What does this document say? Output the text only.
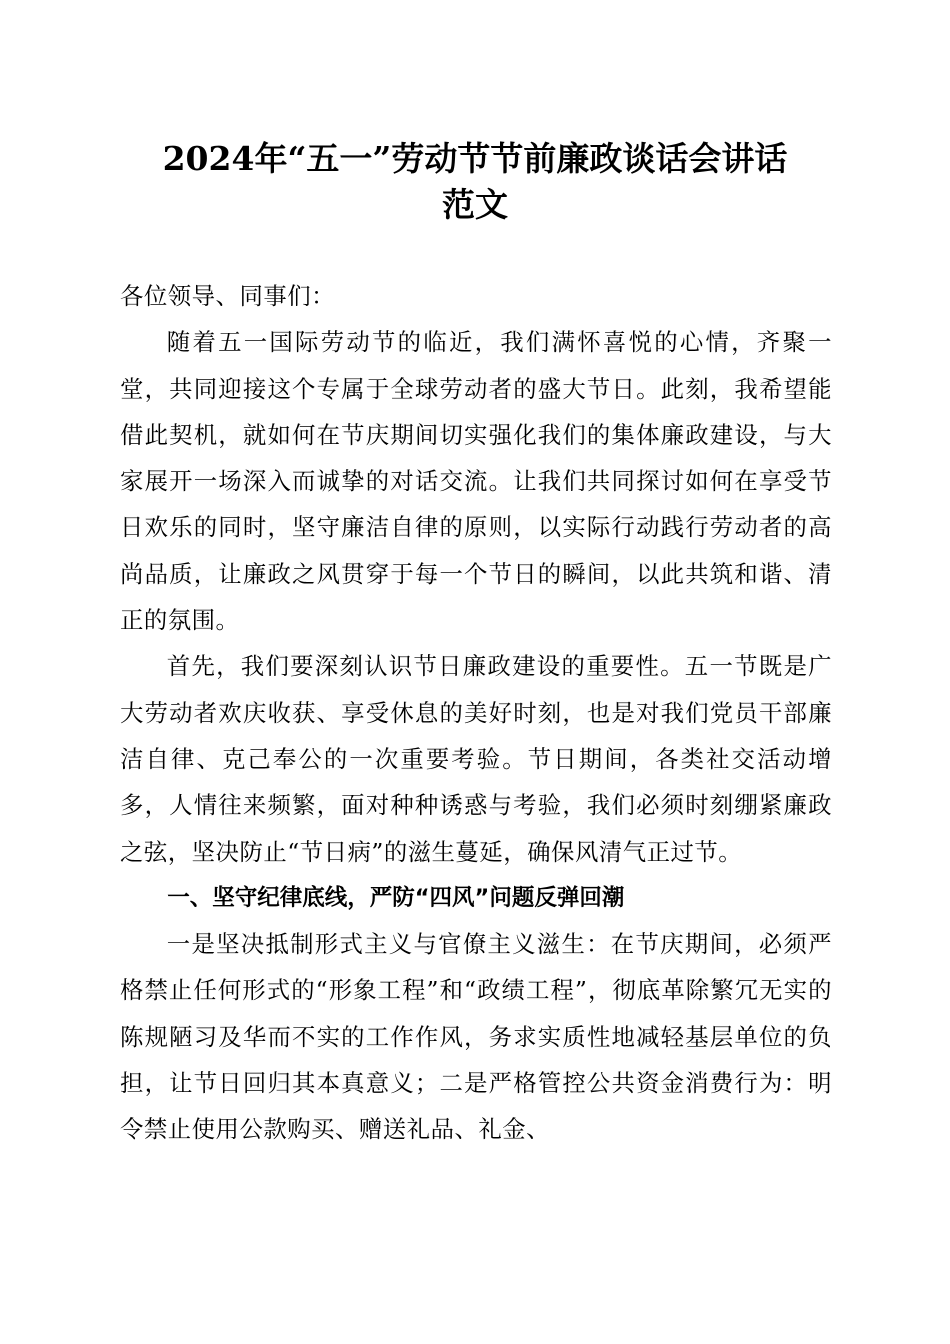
2024年“五一”劳动节节前廉政谈话会讲话
范文

各位领导、同事们：

随着五一国际劳动节的临近，我们满怀喜悦的心情，齐聚一堂，共同迎接这个专属于全球劳动者的盛大节日。此刻，我希望能借此契机，就如何在节庆期间切实强化我们的集体廉政建设，与大家展开一场深入而诚挚的对话交流。让我们共同探讨如何在享受节日欢乐的同时，坚守廉洁自律的原则，以实际行动践行劳动者的高尚品质，让廉政之风贯穿于每一个节日的瞬间，以此共筑和谐、清正的氛围。

首先，我们要深刻认识节日廉政建设的重要性。五一节既是广大劳动者欢庆收获、享受休息的美好时刻，也是对我们党员干部廉洁自律、克己奉公的一次重要考验。节日期间，各类社交活动增多，人情往来频繁，面对种种诱惑与考验，我们必须时刻绷紧廉政之弦，坚决防止“节日病”的滋生蔓延，确保风清气正过节。

一、坚守纪律底线，严防“四风”问题反弹回潮

一是坚决抵制形式主义与官僚主义滋生：在节庆期间，必须严格禁止任何形式的“形象工程”和“政绩工程”，彻底革除繁冗无实的陈规陋习及华而不实的工作作风，务求实质性地减轻基层单位的负担，让节日回归其本真意义；二是严格管控公共资金消费行为：明令禁止使用公款购买、赠送礼品、礼金、
